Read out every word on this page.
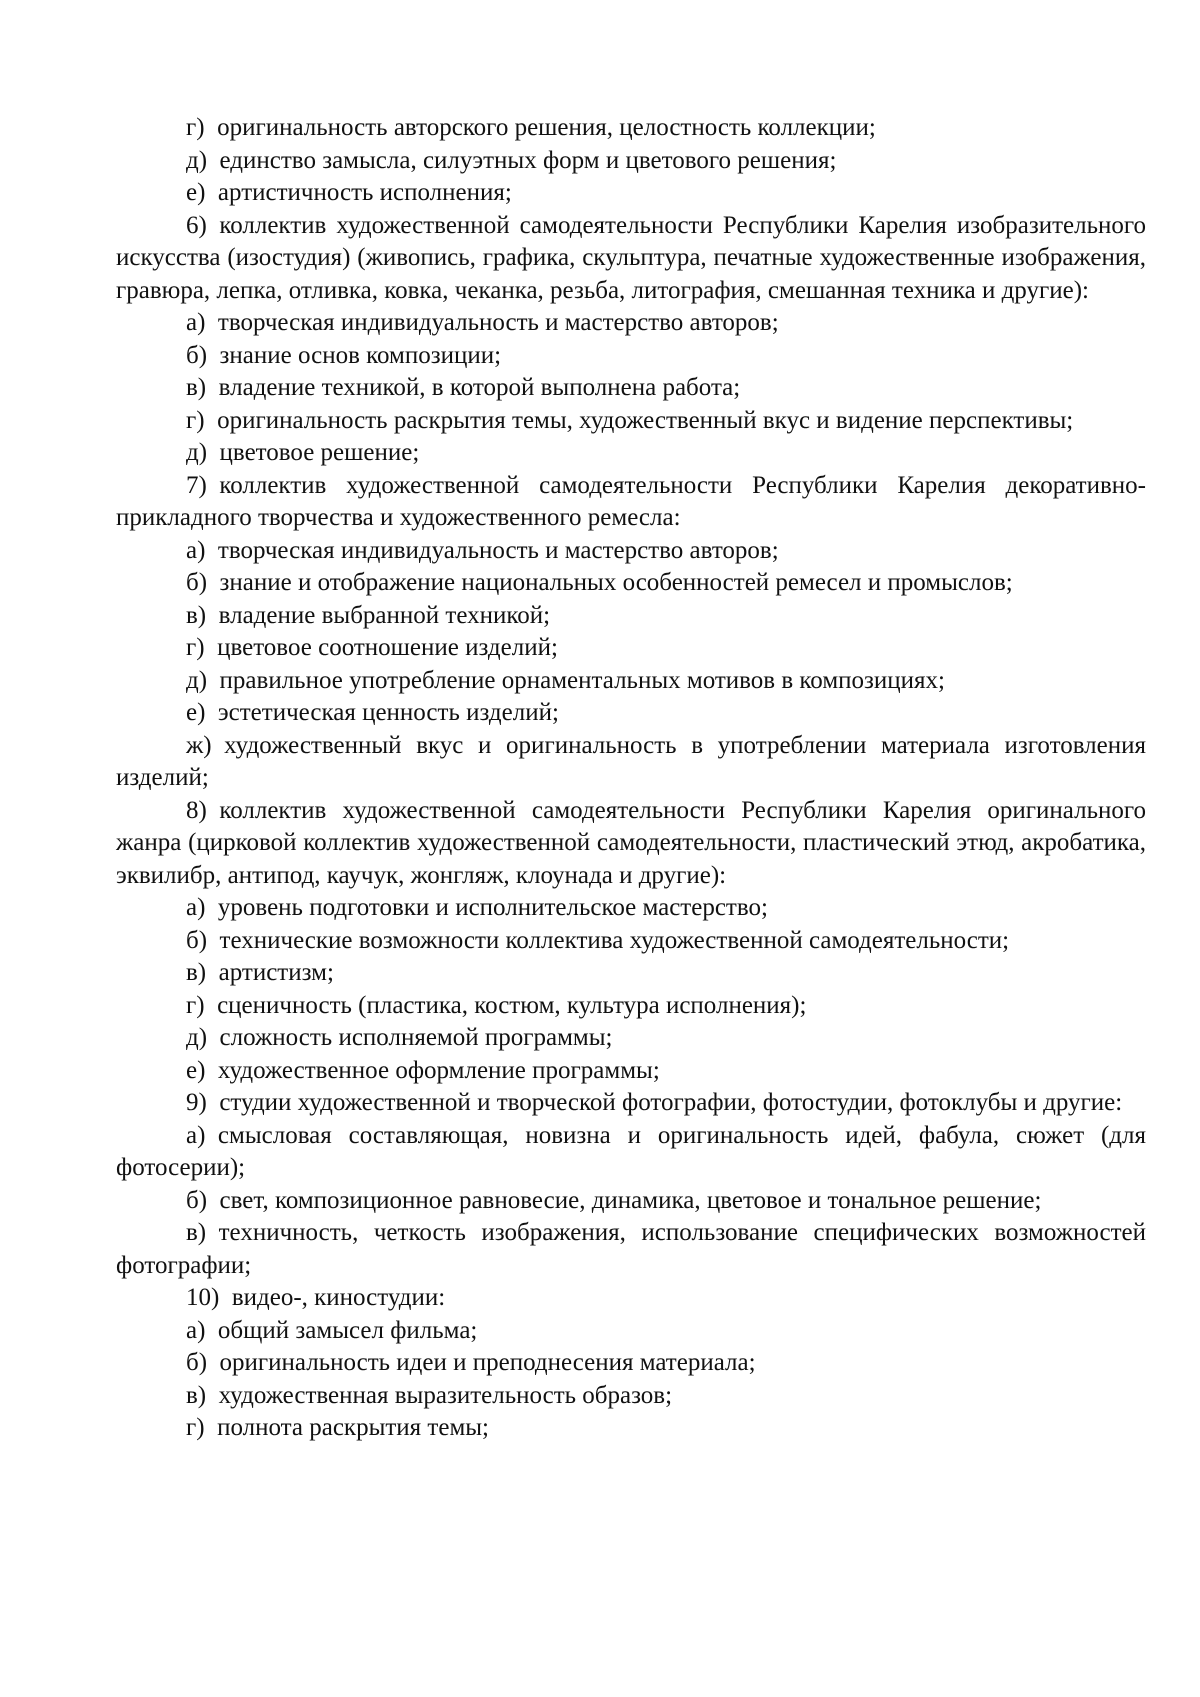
г) оригинальность авторского решения, целостность коллекции;

д) единство замысла, силуэтных форм и цветового решения;

е) артистичность исполнения;

6) коллектив художественной самодеятельности Республики Карелия изобразительного искусства (изостудия) (живопись, графика, скульптура, печатные художественные изображения, гравюра, лепка, отливка, ковка, чеканка, резьба, литография, смешанная техника и другие):

а) творческая индивидуальность и мастерство авторов;

б) знание основ композиции;

в) владение техникой, в которой выполнена работа;

г) оригинальность раскрытия темы, художественный вкус и видение перспективы;

д) цветовое решение;

7) коллектив художественной самодеятельности Республики Карелия декоративно- прикладного творчества и художественного ремесла:

а) творческая индивидуальность и мастерство авторов;

б) знание и отображение национальных особенностей ремесел и промыслов;

в) владение выбранной техникой;

г) цветовое соотношение изделий;

д) правильное употребление орнаментальных мотивов в композициях;

е) эстетическая ценность изделий;

ж) художественный вкус и оригинальность в употреблении материала изготовления изделий;

8) коллектив художественной самодеятельности Республики Карелия оригинального жанра (цирковой коллектив художественной самодеятельности, пластический этюд, акробатика, эквилибр, антипод, каучук, жонгляж, клоунада и другие):

а) уровень подготовки и исполнительское мастерство;

б) технические возможности коллектива художественной самодеятельности;

в) артистизм;

г) сценичность (пластика, костюм, культура исполнения);

д) сложность исполняемой программы;

е) художественное оформление программы;

9) студии художественной и творческой фотографии, фотостудии, фотоклубы и другие:

а) смысловая составляющая, новизна и оригинальность идей, фабула, сюжет (для фотосерии);

б) свет, композиционное равновесие, динамика, цветовое и тональное решение;

в) техничность, четкость изображения, использование специфических возможностей фотографии;

10) видео-, киностудии:

а) общий замысел фильма;

б) оригинальность идеи и преподнесения материала;

в) художественная выразительность образов;

г) полнота раскрытия темы;
